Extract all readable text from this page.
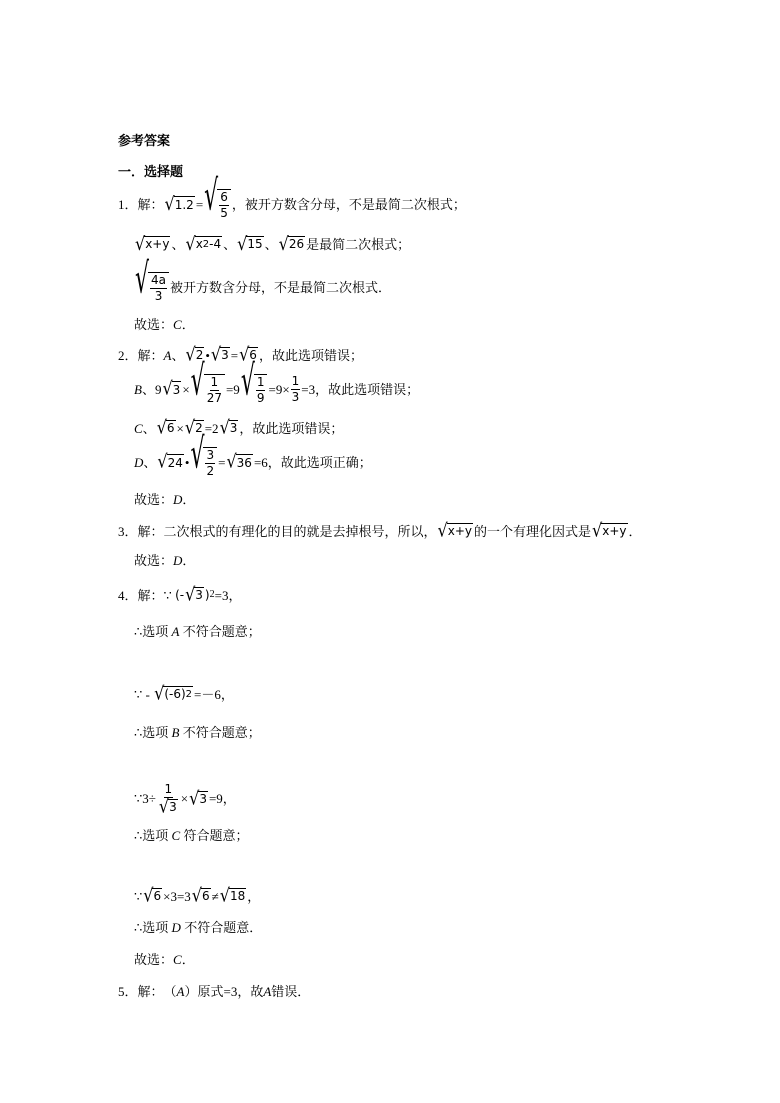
参考答案
一．选择题
1． 解： √ 1.2 = √ $\frac{6}{5}$ ，被开方数含分母，不是最简二次根式；
√ x+y 、 √ x 2 -4 、 √ 15 、 √ 26 是最简二次根式；
√ $\frac{4a}{3}$ 被开方数含分母，不是最简二次根式．
故选： C ．
2． 解： A 、 √ 2 • √ 3 = √ 6 ，故此选项错误；
B 、 9 √ 3 × √ $\frac{1}{27} =9$ √ $\frac{1}{9} =9\times \frac{1}{3} =3$ ，故此选项错误；
C 、 √ 6 × √ 2 =2 √ 3 ，故此选项错误；
D 、 √ 24 • √ $\frac{3}{2}$ = √ 36 =6 ，故此选项正确；
故选： D ．
3． 解： 二次根式的有理化的目的就是去掉根号，所以， √ x+y 的一个有理化因式是 √ x+y ．
故选： D ．
4． 解： ∵
(- √ 3 ) 2 =3，
∴ 选项
A
不符合题意；
∵
-
√ (-6) 2 =－6，
∴ 选项
B
不符合题意；
∵ $3\div \frac{1}{√ 3}$ × √ 3 =9，
∴ 选项
C
符合题意；
∵ √ 6 ×3=3 √ 6 ≠ √ 18 ，
∴ 选项
D
不符合题意．
故选： C ．
5． 解： （ A ）原式=3，故 A 错误．
